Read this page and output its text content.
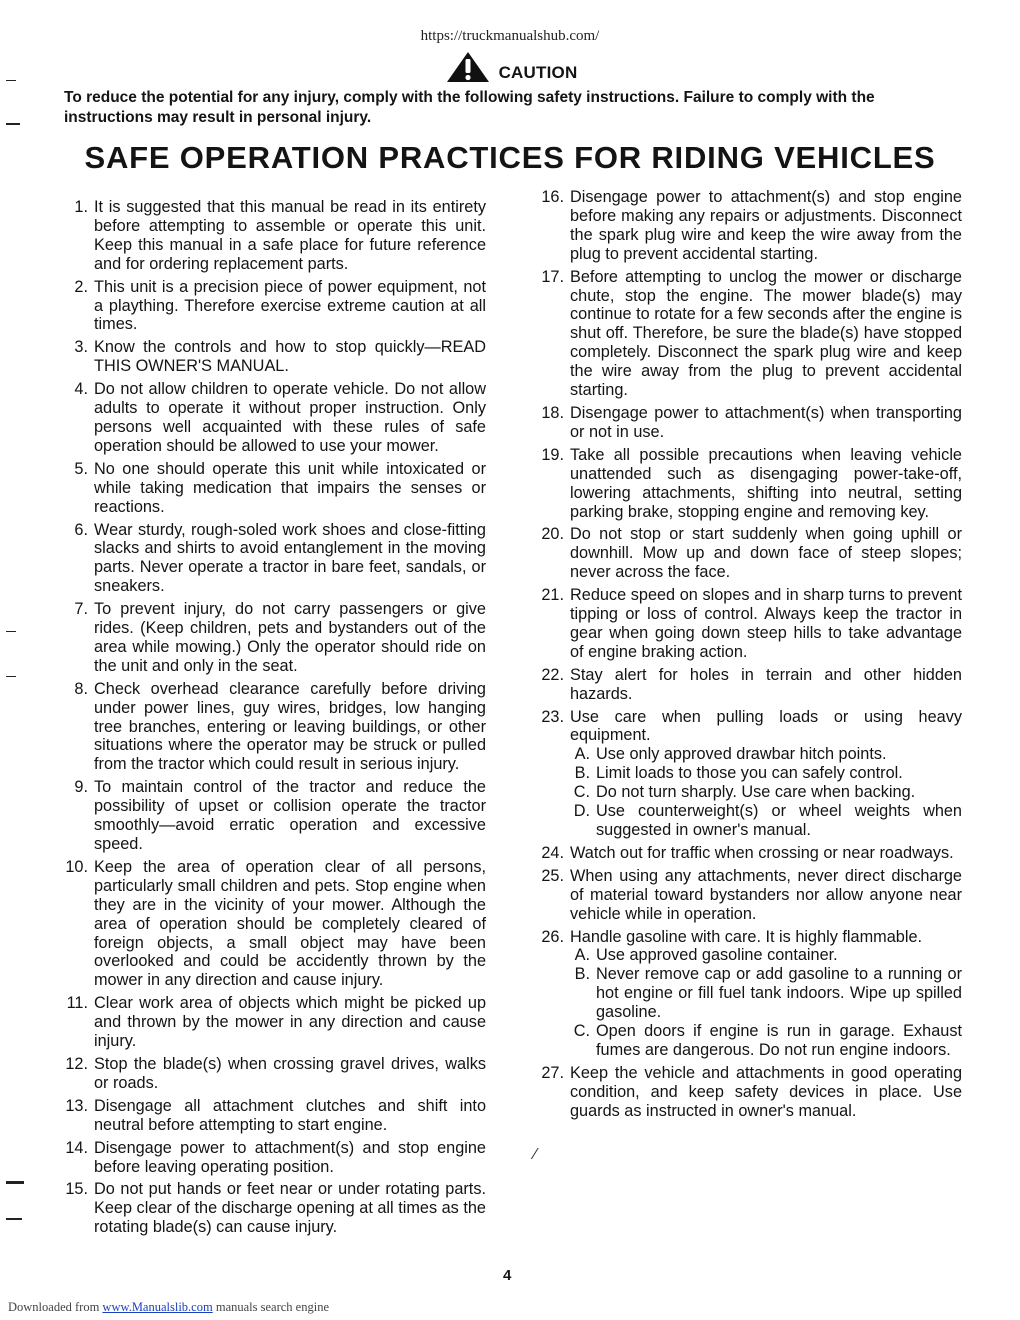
https://truckmanualshub.com/
CAUTION
To reduce the potential for any injury, comply with the following safety instructions. Failure to comply with the instructions may result in personal injury.
SAFE OPERATION PRACTICES FOR RIDING VEHICLES
1. It is suggested that this manual be read in its entirety before attempting to assemble or operate this unit. Keep this manual in a safe place for future reference and for ordering replacement parts.
2. This unit is a precision piece of power equipment, not a plaything. Therefore exercise extreme caution at all times.
3. Know the controls and how to stop quickly—READ THIS OWNER'S MANUAL.
4. Do not allow children to operate vehicle. Do not allow adults to operate it without proper instruction. Only persons well acquainted with these rules of safe operation should be allowed to use your mower.
5. No one should operate this unit while intoxicated or while taking medication that impairs the senses or reactions.
6. Wear sturdy, rough-soled work shoes and close-fitting slacks and shirts to avoid entanglement in the moving parts. Never operate a tractor in bare feet, sandals, or sneakers.
7. To prevent injury, do not carry passengers or give rides. (Keep children, pets and bystanders out of the area while mowing.) Only the operator should ride on the unit and only in the seat.
8. Check overhead clearance carefully before driving under power lines, guy wires, bridges, low hanging tree branches, entering or leaving buildings, or other situations where the operator may be struck or pulled from the tractor which could result in serious injury.
9. To maintain control of the tractor and reduce the possibility of upset or collision operate the tractor smoothly—avoid erratic operation and excessive speed.
10. Keep the area of operation clear of all persons, particularly small children and pets. Stop engine when they are in the vicinity of your mower. Although the area of operation should be completely cleared of foreign objects, a small object may have been overlooked and could be accidently thrown by the mower in any direction and cause injury.
11. Clear work area of objects which might be picked up and thrown by the mower in any direction and cause injury.
12. Stop the blade(s) when crossing gravel drives, walks or roads.
13. Disengage all attachment clutches and shift into neutral before attempting to start engine.
14. Disengage power to attachment(s) and stop engine before leaving operating position.
15. Do not put hands or feet near or under rotating parts. Keep clear of the discharge opening at all times as the rotating blade(s) can cause injury.
16. Disengage power to attachment(s) and stop engine before making any repairs or adjustments. Disconnect the spark plug wire and keep the wire away from the plug to prevent accidental starting.
17. Before attempting to unclog the mower or discharge chute, stop the engine. The mower blade(s) may continue to rotate for a few seconds after the engine is shut off. Therefore, be sure the blade(s) have stopped completely. Disconnect the spark plug wire and keep the wire away from the plug to prevent accidental starting.
18. Disengage power to attachment(s) when transporting or not in use.
19. Take all possible precautions when leaving vehicle unattended such as disengaging power-take-off, lowering attachments, shifting into neutral, setting parking brake, stopping engine and removing key.
20. Do not stop or start suddenly when going uphill or downhill. Mow up and down face of steep slopes; never across the face.
21. Reduce speed on slopes and in sharp turns to prevent tipping or loss of control. Always keep the tractor in gear when going down steep hills to take advantage of engine braking action.
22. Stay alert for holes in terrain and other hidden hazards.
23. Use care when pulling loads or using heavy equipment.
A. Use only approved drawbar hitch points.
B. Limit loads to those you can safely control.
C. Do not turn sharply. Use care when backing.
D. Use counterweight(s) or wheel weights when suggested in owner's manual.
24. Watch out for traffic when crossing or near roadways.
25. When using any attachments, never direct discharge of material toward bystanders nor allow anyone near vehicle while in operation.
26. Handle gasoline with care. It is highly flammable.
A. Use approved gasoline container.
B. Never remove cap or add gasoline to a running or hot engine or fill fuel tank indoors. Wipe up spilled gasoline.
C. Open doors if engine is run in garage. Exhaust fumes are dangerous. Do not run engine indoors.
27. Keep the vehicle and attachments in good operating condition, and keep safety devices in place. Use guards as instructed in owner's manual.
4
Downloaded from www.Manualslib.com manuals search engine
⁄
